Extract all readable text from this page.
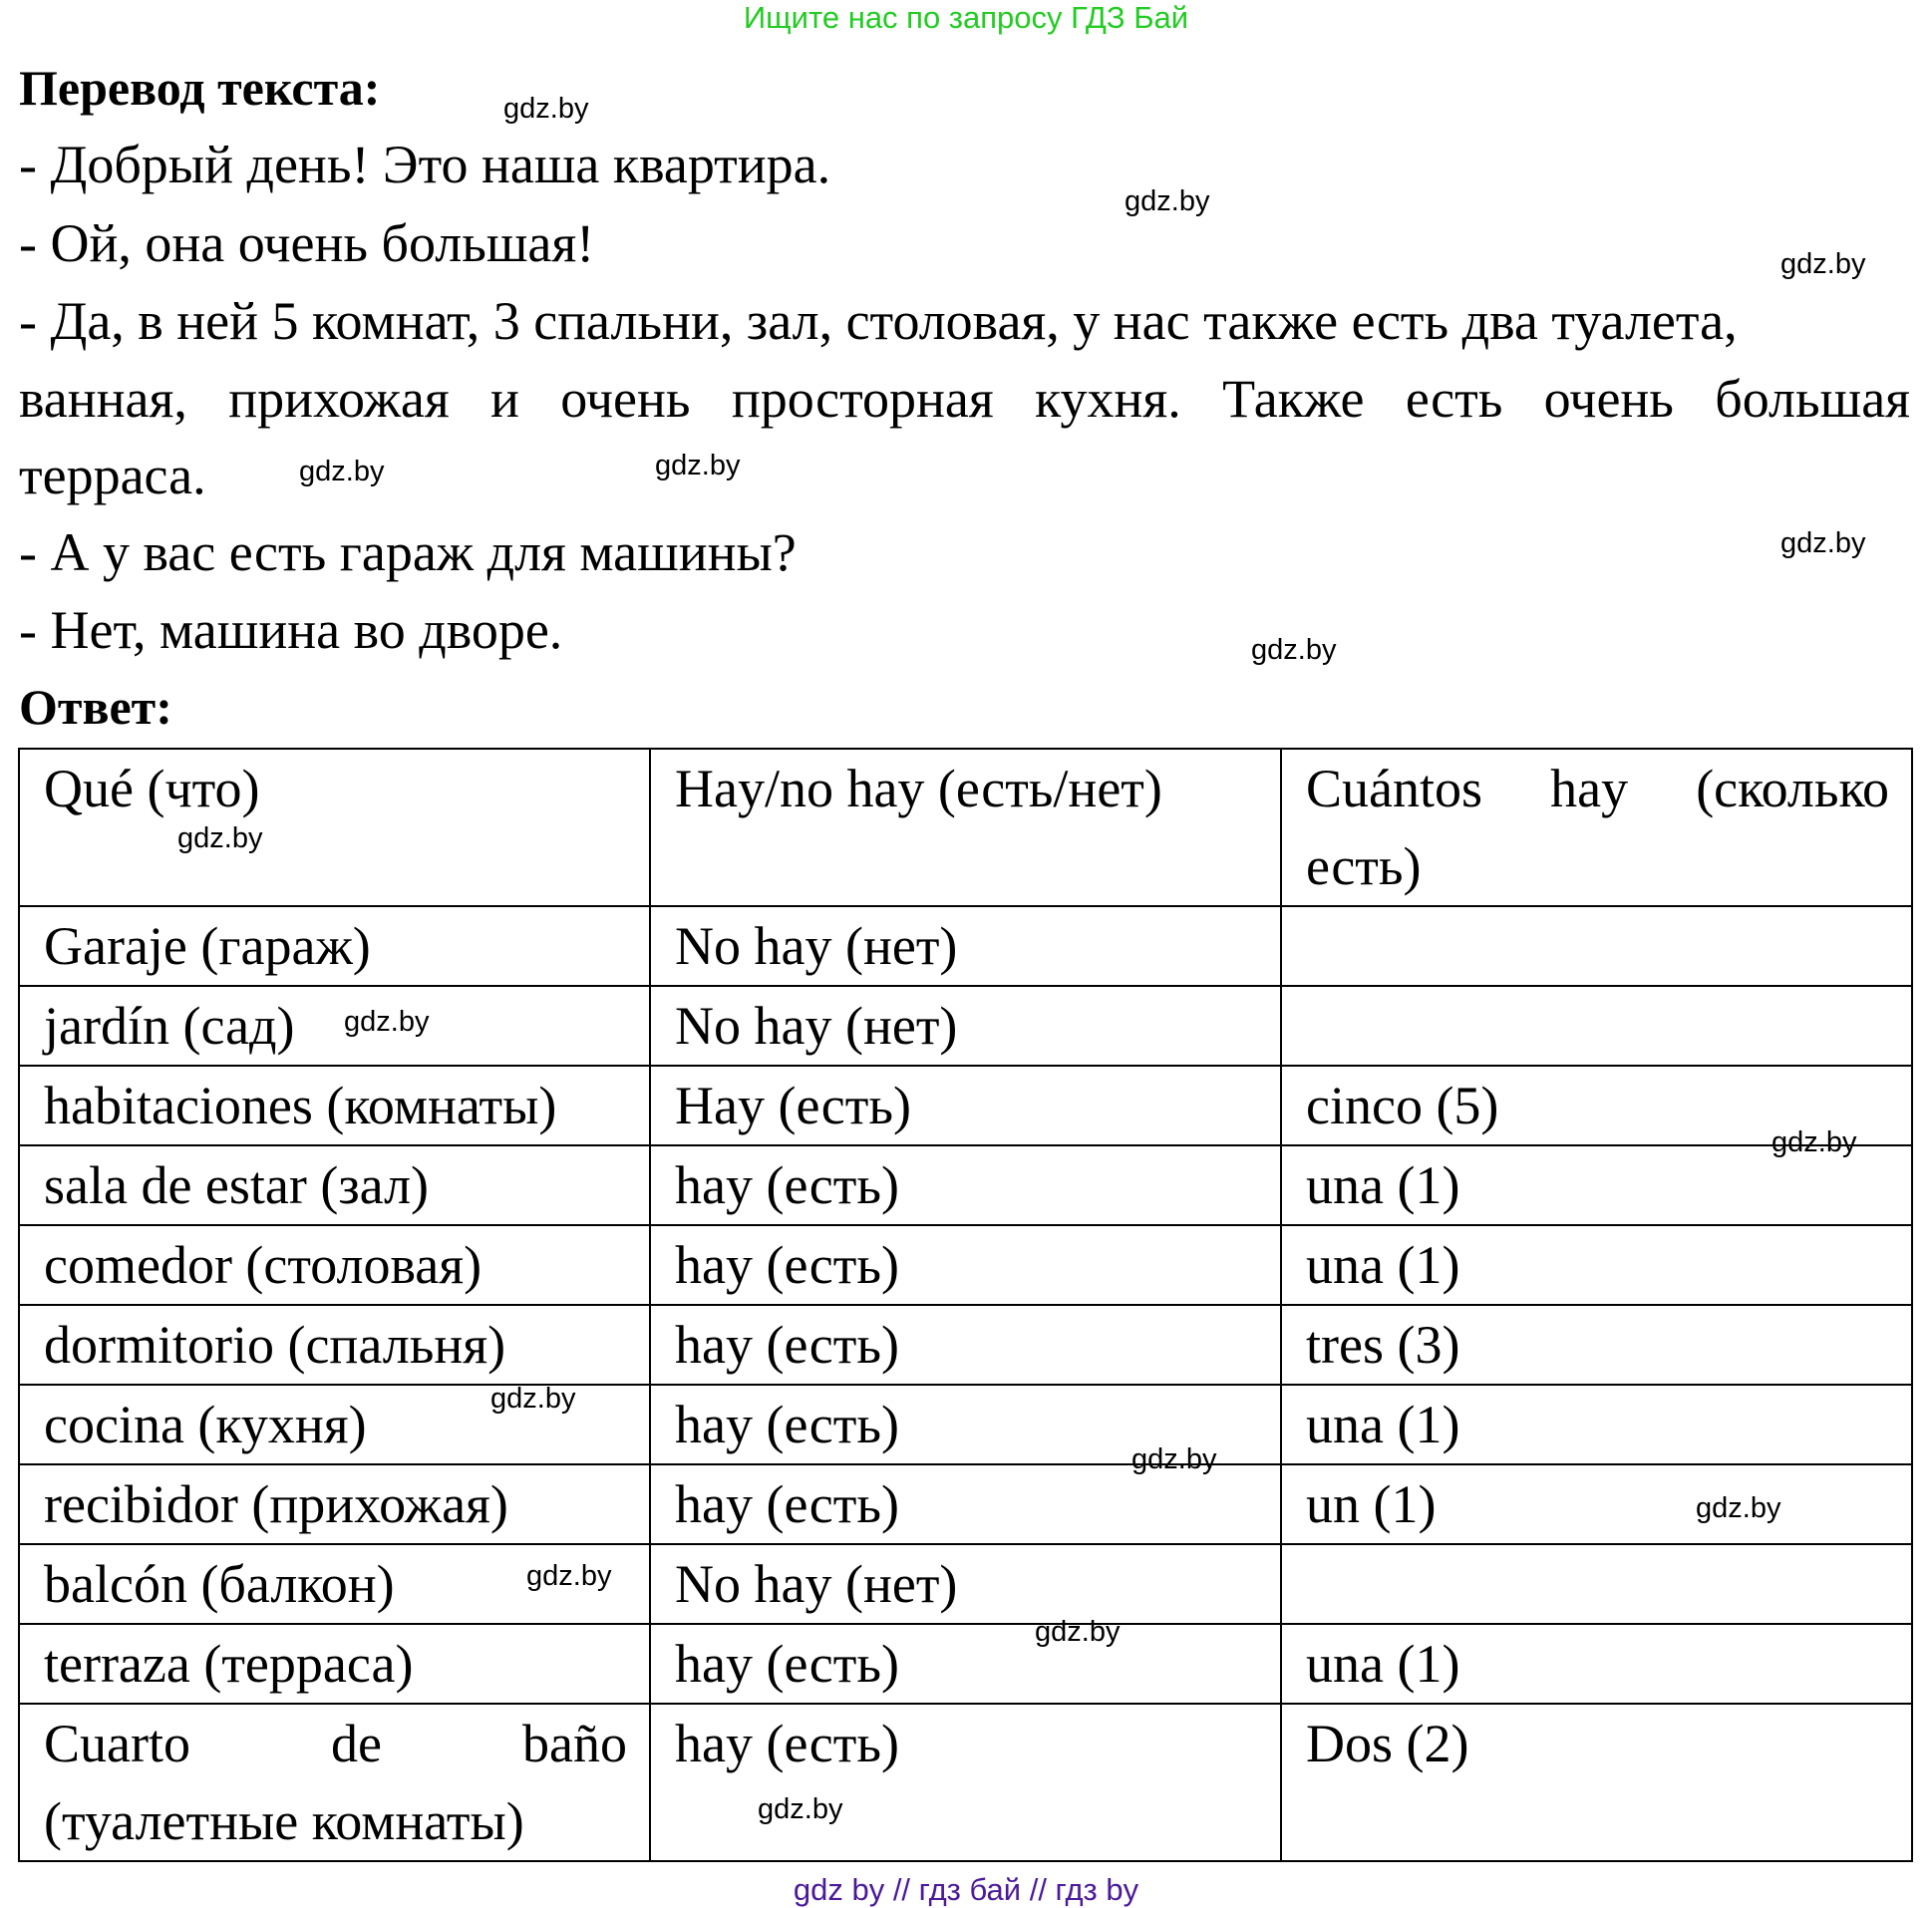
Ищите нас по запросу ГДЗ Бай
Перевод текста:
- Добрый день! Это наша квартира.
- Ой, она очень большая!
- Да, в ней 5 комнат, 3 спальни, зал, столовая, у нас также есть два туалета,
ванная, прихожая и очень просторная кухня. Также есть очень большая
терраса.
- А у вас есть гараж для машины?
- Нет, машина во дворе.
Ответ:
Qué (что)	Hay/no hay (есть/нет)	Cuántos hay (сколько есть)
Garaje (гараж)	No hay (нет)	
jardín (сад)	No hay (нет)	
habitaciones (комнаты)	Hay (есть)	cinco (5)
sala de estar (зал)	hay (есть)	una (1)
comedor (столовая)	hay (есть)	una (1)
dormitorio (спальня)	hay (есть)	tres (3)
cocina (кухня)	hay (есть)	una (1)
recibidor (прихожая)	hay (есть)	un (1)
balcón (балкон)	No hay (нет)	
terraza (терраса)	hay (есть)	una (1)
Cuarto de baño (туалетные комнаты)	hay (есть)	Dos (2)
gdz.by
gdz.by
gdz.by
gdz.by	gdz.by
gdz.by
gdz.by
gdz.by
gdz.by
gdz.by
gdz.by
gdz.by
gdz.by
gdz.by
gdz.by
gdz.by
gdz by // гдз бай // гдз by
